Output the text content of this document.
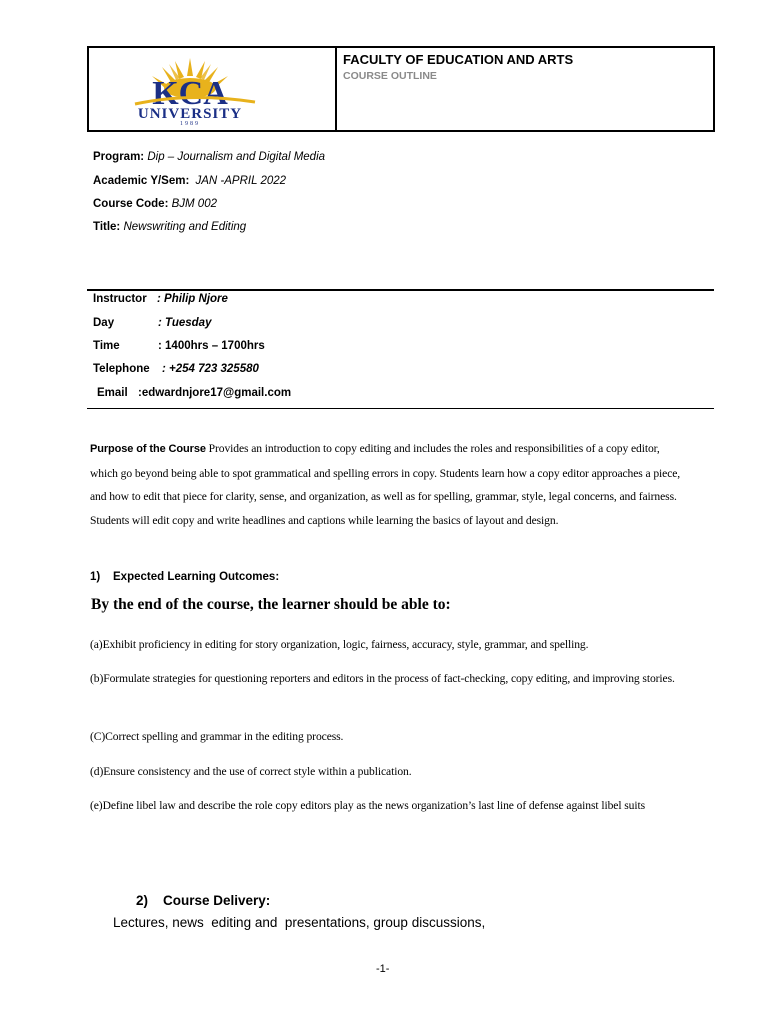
KCA
UNIVERSITY
1989
FACULTY OF EDUCATION AND ARTS
COURSE OUTLINE
Program: Dip – Journalism and Digital Media
Academic Y/Sem: JAN -APRIL 2022
Course Code: BJM 002
Title: Newswriting and Editing
Instructor : Philip Njore
Day	: Tuesday
Time	: 1400hrs – 1700hrs
Telephone : +254 723 325580
Email :edwardnjore17@gmail.com
Purpose of the Course Provides an introduction to copy editing and includes the roles and responsibilities of a copy editor, which go beyond being able to spot grammatical and spelling errors in copy. Students learn how a copy editor approaches a piece, and how to edit that piece for clarity, sense, and organization, as well as for spelling, grammar, style, legal concerns, and fairness. Students will edit copy and write headlines and captions while learning the basics of layout and design.
1)    Expected Learning Outcomes:
By the end of the course, the learner should be able to:
(a)Exhibit proficiency in editing for story organization, logic, fairness, accuracy, style, grammar, and spelling.
(b)Formulate strategies for questioning reporters and editors in the process of fact-checking, copy editing, and improving stories.
(C)Correct spelling and grammar in the editing process.
(d)Ensure consistency and the use of correct style within a publication.
(e)Define libel law and describe the role copy editors play as the news organization’s last line of defense against libel suits
2)    Course Delivery:
Lectures, news  editing and  presentations, group discussions,
-1-
